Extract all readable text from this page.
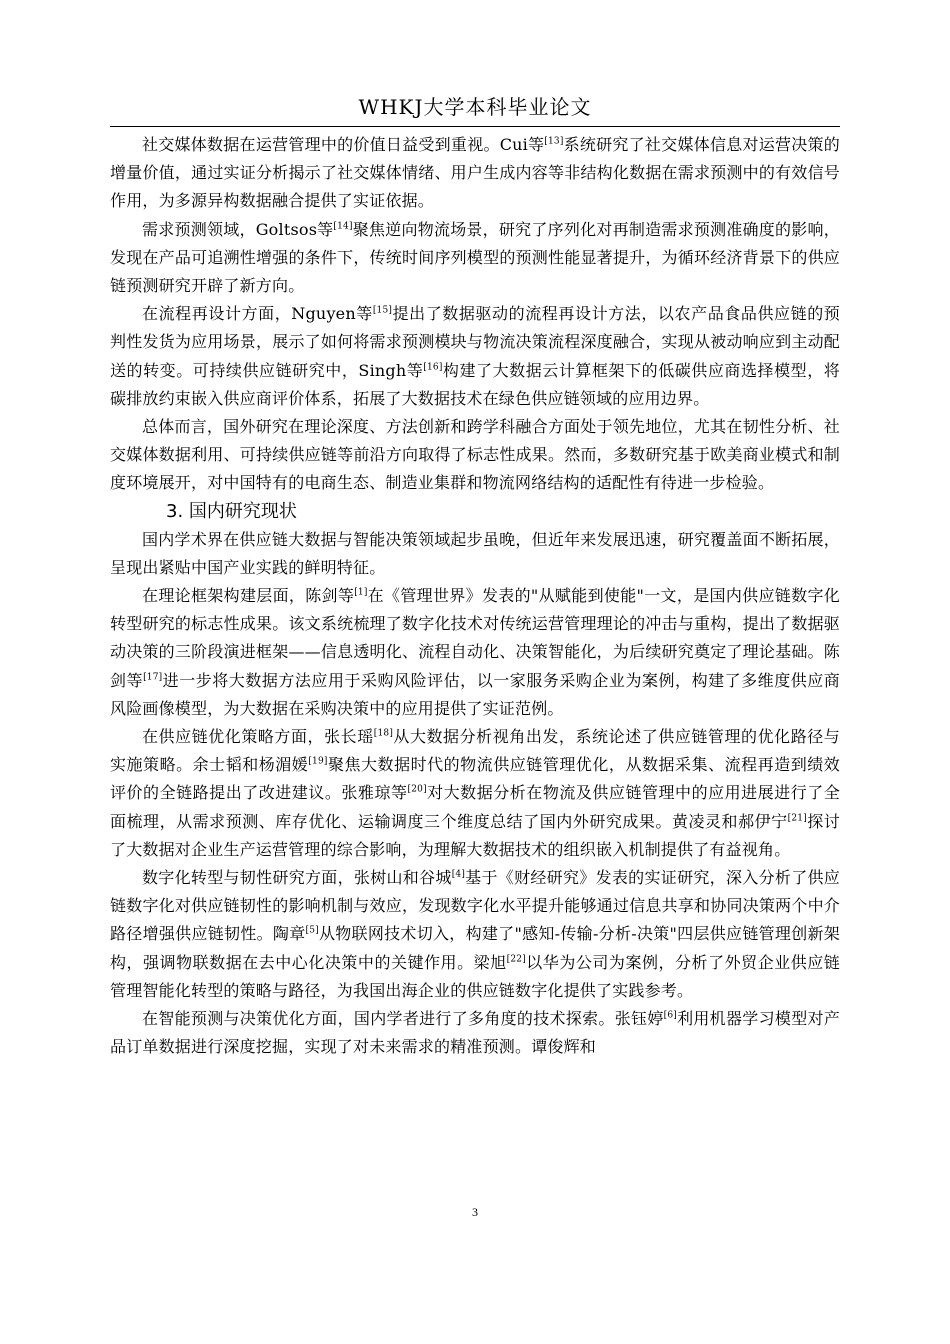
WHKJ大学本科毕业论文

社交媒体数据在运营管理中的价值日益受到重视。Cui等[13]系统研究了社交媒体信息对运营决策的增量价值，通过实证分析揭示了社交媒体情绪、用户生成内容等非结构化数据在需求预测中的有效信号作用，为多源异构数据融合提供了实证依据。

需求预测领域，Goltsos等[14]聚焦逆向物流场景，研究了序列化对再制造需求预测准确度的影响，发现在产品可追溯性增强的条件下，传统时间序列模型的预测性能显著提升，为循环经济背景下的供应链预测研究开辟了新方向。

在流程再设计方面，Nguyen等[15]提出了数据驱动的流程再设计方法，以农产品食品供应链的预判性发货为应用场景，展示了如何将需求预测模块与物流决策流程深度融合，实现从被动响应到主动配送的转变。可持续供应链研究中，Singh等[16]构建了大数据云计算框架下的低碳供应商选择模型，将碳排放约束嵌入供应商评价体系，拓展了大数据技术在绿色供应链领域的应用边界。

总体而言，国外研究在理论深度、方法创新和跨学科融合方面处于领先地位，尤其在韧性分析、社交媒体数据利用、可持续供应链等前沿方向取得了标志性成果。然而，多数研究基于欧美商业模式和制度环境展开，对中国特有的电商生态、制造业集群和物流网络结构的适配性有待进一步检验。

3. 国内研究现状

国内学术界在供应链大数据与智能决策领域起步虽晚，但近年来发展迅速，研究覆盖面不断拓展，呈现出紧贴中国产业实践的鲜明特征。

在理论框架构建层面，陈剑等[1]在《管理世界》发表的"从赋能到使能"一文，是国内供应链数字化转型研究的标志性成果。该文系统梳理了数字化技术对传统运营管理理论的冲击与重构，提出了数据驱动决策的三阶段演进框架——信息透明化、流程自动化、决策智能化，为后续研究奠定了理论基础。陈剑等[17]进一步将大数据方法应用于采购风险评估，以一家服务采购企业为案例，构建了多维度供应商风险画像模型，为大数据在采购决策中的应用提供了实证范例。

在供应链优化策略方面，张长瑶[18]从大数据分析视角出发，系统论述了供应链管理的优化路径与实施策略。余士韬和杨湄媛[19]聚焦大数据时代的物流供应链管理优化，从数据采集、流程再造到绩效评价的全链路提出了改进建议。张雅琼等[20]对大数据分析在物流及供应链管理中的应用进展进行了全面梳理，从需求预测、库存优化、运输调度三个维度总结了国内外研究成果。黄凌灵和郝伊宁[21]探讨了大数据对企业生产运营管理的综合影响，为理解大数据技术的组织嵌入机制提供了有益视角。

数字化转型与韧性研究方面，张树山和谷城[4]基于《财经研究》发表的实证研究，深入分析了供应链数字化对供应链韧性的影响机制与效应，发现数字化水平提升能够通过信息共享和协同决策两个中介路径增强供应链韧性。陶章[5]从物联网技术切入，构建了"感知-传输-分析-决策"四层供应链管理创新架构，强调物联数据在去中心化决策中的关键作用。梁旭[22]以华为公司为案例，分析了外贸企业供应链管理智能化转型的策略与路径，为我国出海企业的供应链数字化提供了实践参考。

在智能预测与决策优化方面，国内学者进行了多角度的技术探索。张钰婷[6]利用机器学习模型对产品订单数据进行深度挖掘，实现了对未来需求的精准预测。谭俊辉和

3
